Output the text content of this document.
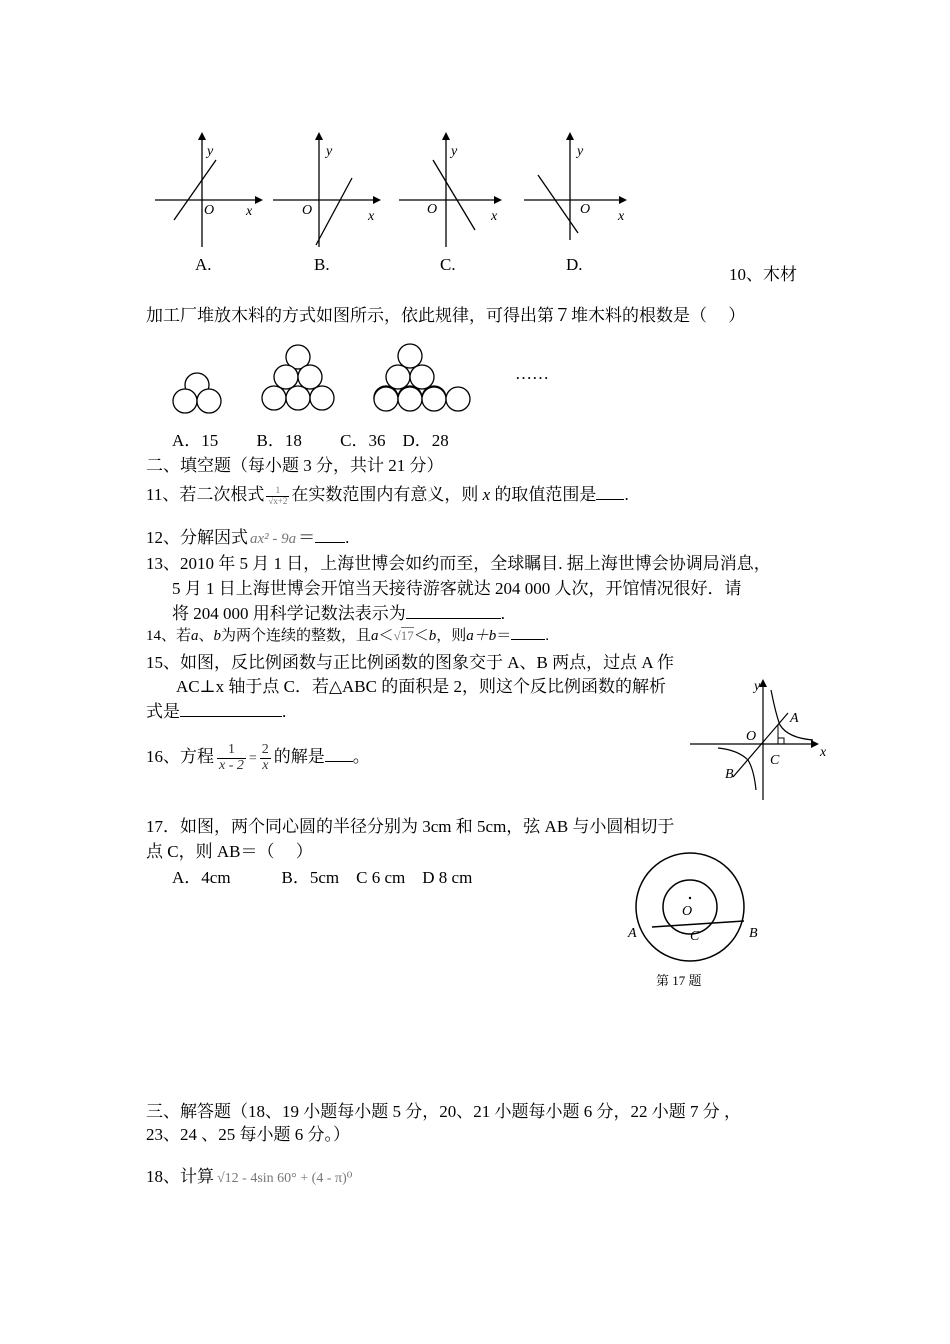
y
O x
y
O	x
y
O	x
y
O x
A.	B.	C.	D.
10、木材
加工厂堆放木料的方式如图所示，依此规律，可得出第７堆木料的根数是（　 ）
……
A．15　　 B．18　　 C．36　D．28
二、填空题（每小题 3 分，共计 21 分）
11、若二次根式 $\frac{1}{√x+2}$ 在实数范围内有意义，则 x 的取值范围是 .
12、分解因式 ax² - 9a ＝ .
13、2010 年 5 月 1 日，上海世博会如约而至，全球瞩目. 据上海世博会协调局消息，
5 月 1 日上海世博会开馆当天接待游客就达 204 000 人次，开馆情况很好．请
将 204 000 用科学记数法表示为	.
14、若a、b为两个连续的整数，且a＜√17＜b，则a＋b＝ .
15、如图，反比例函数与正比例函数的图象交于 A、B 两点，过点 A 作
AC⊥x 轴于点 C．若△ABC 的面积是 2，则这个反比例函数的解析
式是	.
y
x
O
A
B
C
16、方程 $\frac{1}{x - 2} = \frac{2}{x}$ 的解是 。
17．如图，两个同心圆的半径分别为 3cm 和 5cm，弦 AB 与小圆相切于
点 C，则 AB＝（　 ）
A．4cm　　　B．5cm　C 6 cm　D 8 cm
O
A	B
C
第 17 题
三、解答题（18、19 小题每小题 5 分，20、21 小题每小题 6 分，22 小题 7 分 ，
23、24 、25 每小题 6 分。）
18、计算 √12 - 4sin 60° + (4 - π)⁰
